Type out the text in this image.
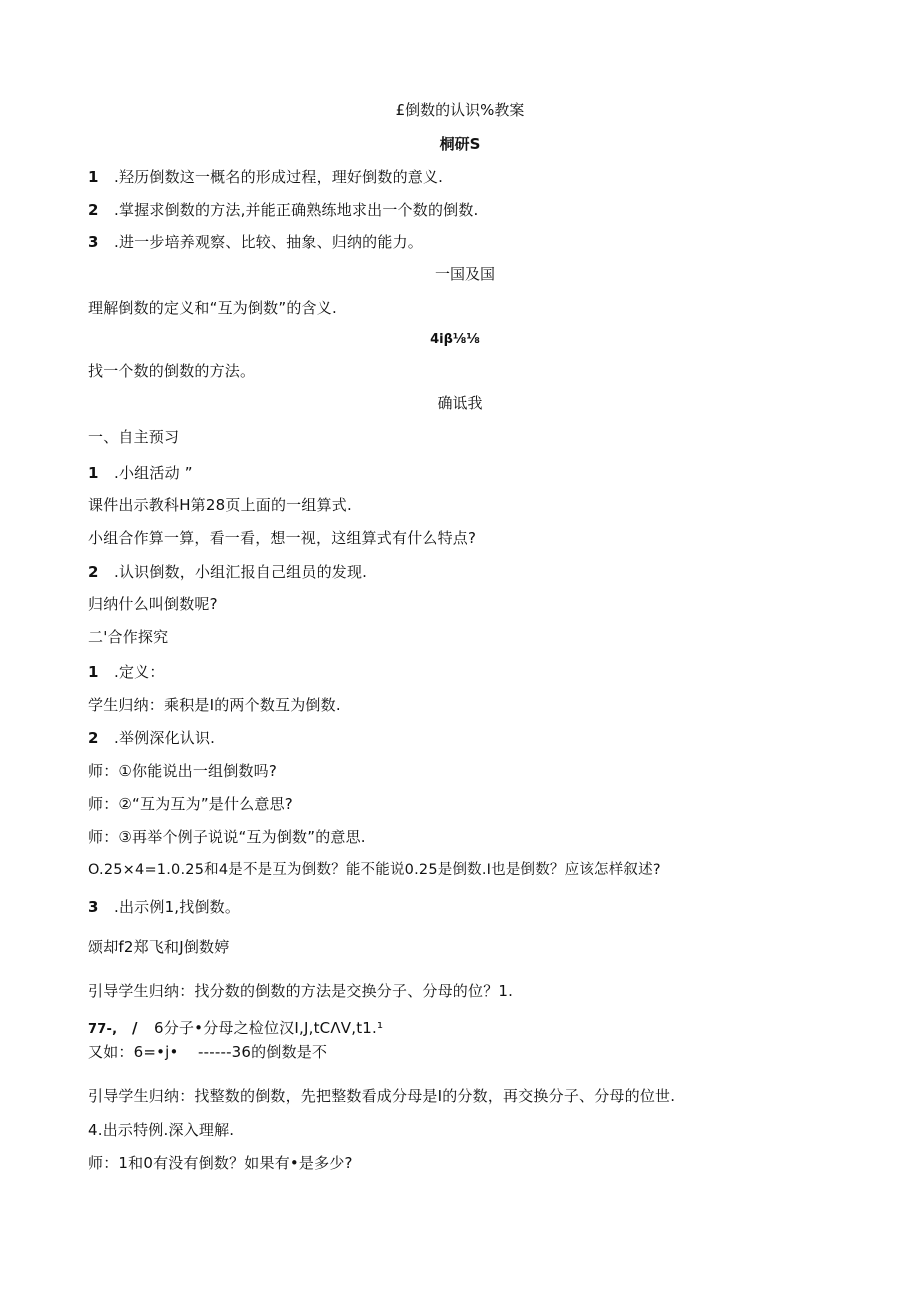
£倒数的认识%教案
桐研S
1 .羟历倒数这一概名的形成过程，理好倒数的意义.
2 .掌握求倒数的方法,并能正确熟练地求出一个数的倒数.
3 .进一步培养观察、比较、抽象、归纳的能力。
一国及国
理解倒数的定义和“互为倒数”的含义.
4iβ⅛⅛
找一个数的倒数的方法。
确诋我
一、自主预习
1 .小组活动 ”
课件出示教科H第28页上面的一组算式.
小组合作算一算，看一看，想一视，这组算式有什么特点?
2 .认识倒数，小组汇报自己组员的发现.
归纳什么叫倒数呢?
二'合作探究
1 .定义：
学生归纳：乘积是I的两个数互为倒数.
2 .举例深化认识.
师：①你能说出一组倒数吗?
师：②“互为互为”是什么意思?
师：③再举个例子说说“互为倒数”的意思.
O.25×4=1.0.25和4是不是互为倒数？能不能说0.25是倒数.I也是倒数？应该怎样叙述?
3 .出示例1,找倒数。
颂却f2郑飞和J倒数婷
引导学生归纳：找分数的倒数的方法是交换分子、分母的位？1.
77-, / 6分子•分母之检位汉I,J,tCΛV,t1.¹
又如：6=•j• ------36的倒数是不
引导学生归纳：找整数的倒数，先把整数看成分母是I的分数，再交换分子、分母的位世.
4.出示特例.深入理解.
师：1和0有没有倒数？如果有•是多少?
